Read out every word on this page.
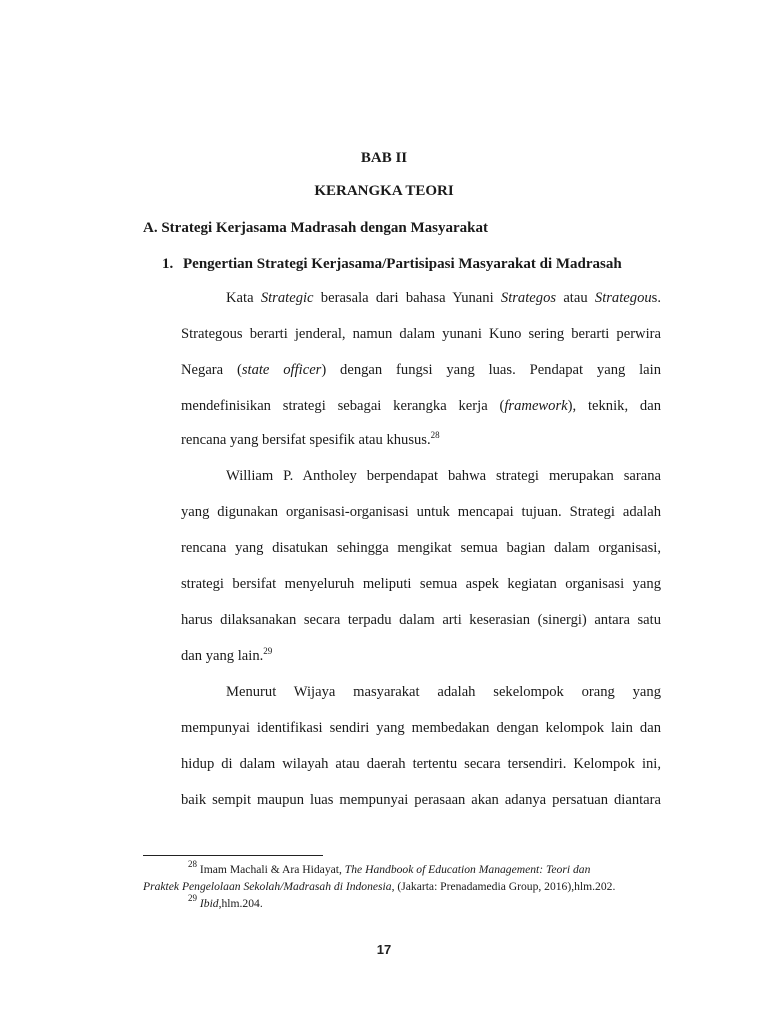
BAB II
KERANGKA TEORI
A. Strategi Kerjasama Madrasah dengan Masyarakat
1. Pengertian Strategi Kerjasama/Partisipasi Masyarakat di Madrasah
Kata Strategic berasala dari bahasa Yunani Strategos atau Strategous.
Strategous berarti jenderal, namun dalam yunani Kuno sering berarti perwira
Negara (state officer) dengan fungsi yang luas. Pendapat yang lain
mendefinisikan strategi sebagai kerangka kerja (framework), teknik, dan
rencana yang bersifat spesifik atau khusus.$^{28}$
William P. Antholey berpendapat bahwa strategi merupakan sarana
yang digunakan organisasi-organisasi untuk mencapai tujuan. Strategi adalah
rencana yang disatukan sehingga mengikat semua bagian dalam organisasi,
strategi bersifat menyeluruh meliputi semua aspek kegiatan organisasi yang
harus dilaksanakan secara terpadu dalam arti keserasian (sinergi) antara satu
dan yang lain.$^{29}$
Menurut Wijaya masyarakat adalah sekelompok orang yang
mempunyai identifikasi sendiri yang membedakan dengan kelompok lain dan
hidup di dalam wilayah atau daerah tertentu secara tersendiri. Kelompok ini,
baik sempit maupun luas mempunyai perasaan akan adanya persatuan diantara
$^{28}$ Imam Machali & Ara Hidayat, The Handbook of Education Management: Teori dan
Praktek Pengelolaan Sekolah/Madrasah di Indonesia, (Jakarta: Prenadamedia Group, 2016),hlm.202.
$^{29}$ Ibid,hlm.204.
17
